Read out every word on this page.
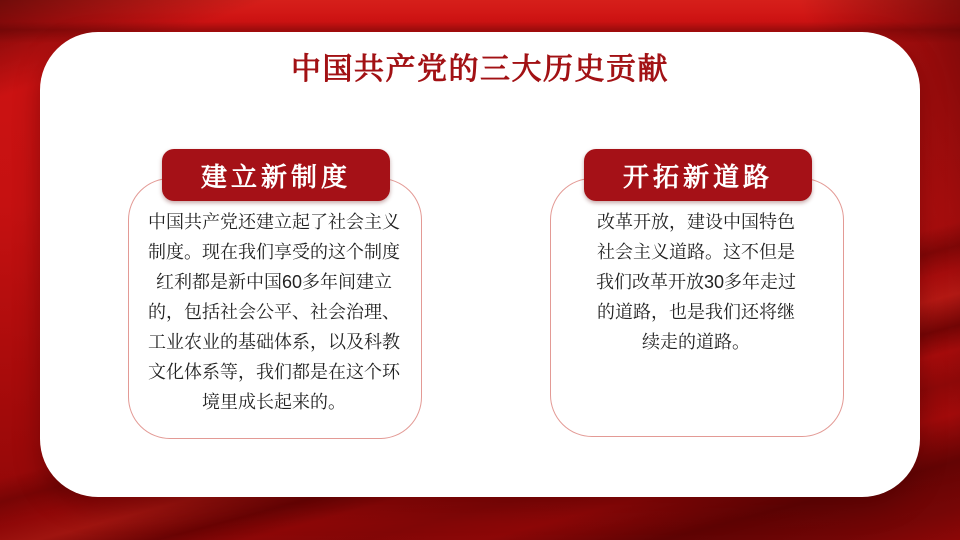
中国共产党的三大历史贡献
中国共产党还建立起了社会主义制度。现在我们享受的这个制度红利都是新中国60多年间建立的，包括社会公平、社会治理、工业农业的基础体系，以及科教文化体系等，我们都是在这个环境里成长起来的。
建立新制度
改革开放，建设中国特色社会主义道路。这不但是我们改革开放30多年走过的道路，也是我们还将继续走的道路。
开拓新道路
